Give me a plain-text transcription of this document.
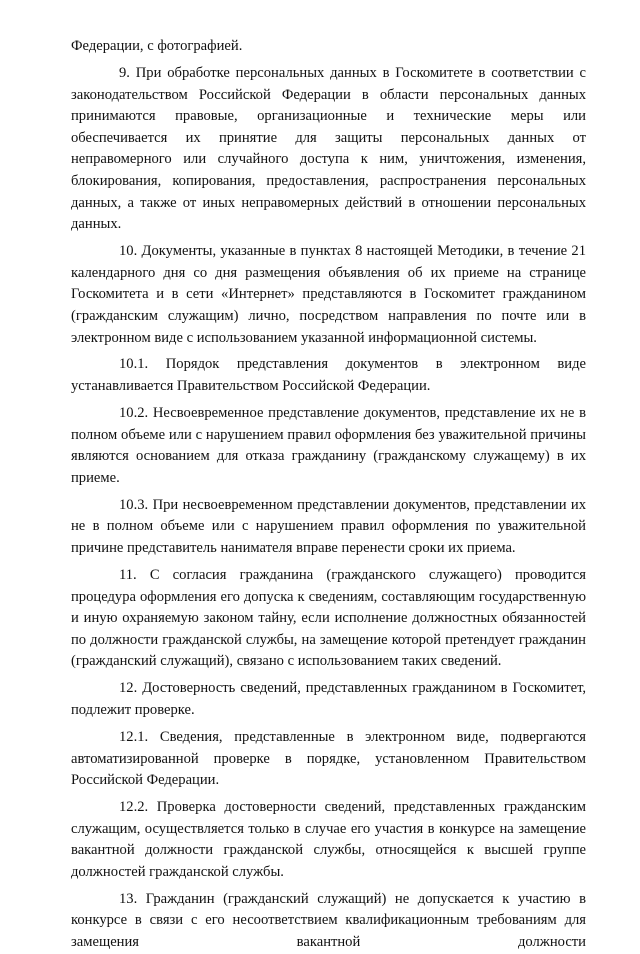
Федерации, с фотографией.

9. При обработке персональных данных в Госкомитете в соответствии с законодательством Российской Федерации в области персональных данных принимаются правовые, организационные и технические меры или обеспечивается их принятие для защиты персональных данных от неправомерного или случайного доступа к ним, уничтожения, изменения, блокирования, копирования, предоставления, распространения персональных данных, а также от иных неправомерных действий в отношении персональных данных.

10. Документы, указанные в пунктах 8 настоящей Методики, в течение 21 календарного дня со дня размещения объявления об их приеме на странице Госкомитета и в сети «Интернет» представляются в Госкомитет гражданином (гражданским служащим) лично, посредством направления по почте или в электронном виде с использованием указанной информационной системы.

10.1. Порядок представления документов в электронном виде устанавливается Правительством Российской Федерации.

10.2. Несвоевременное представление документов, представление их не в полном объеме или с нарушением правил оформления без уважительной причины являются основанием для отказа гражданину (гражданскому служащему) в их приеме.

10.3. При несвоевременном представлении документов, представлении их не в полном объеме или с нарушением правил оформления по уважительной причине представитель нанимателя вправе перенести сроки их приема.

11. С согласия гражданина (гражданского служащего) проводится процедура оформления его допуска к сведениям, составляющим государственную и иную охраняемую законом тайну, если исполнение должностных обязанностей по должности гражданской службы, на замещение которой претендует гражданин (гражданский служащий), связано с использованием таких сведений.

12. Достоверность сведений, представленных гражданином в Госкомитет, подлежит проверке.

12.1. Сведения, представленные в электронном виде, подвергаются автоматизированной проверке в порядке, установленном Правительством Российской Федерации.

12.2. Проверка достоверности сведений, представленных гражданским служащим, осуществляется только в случае его участия в конкурсе на замещение вакантной должности гражданской службы, относящейся к высшей группе должностей гражданской службы.

13. Гражданин (гражданский служащий) не допускается к участию в конкурсе в связи с его несоответствием квалификационным требованиям для замещения вакантной должности
